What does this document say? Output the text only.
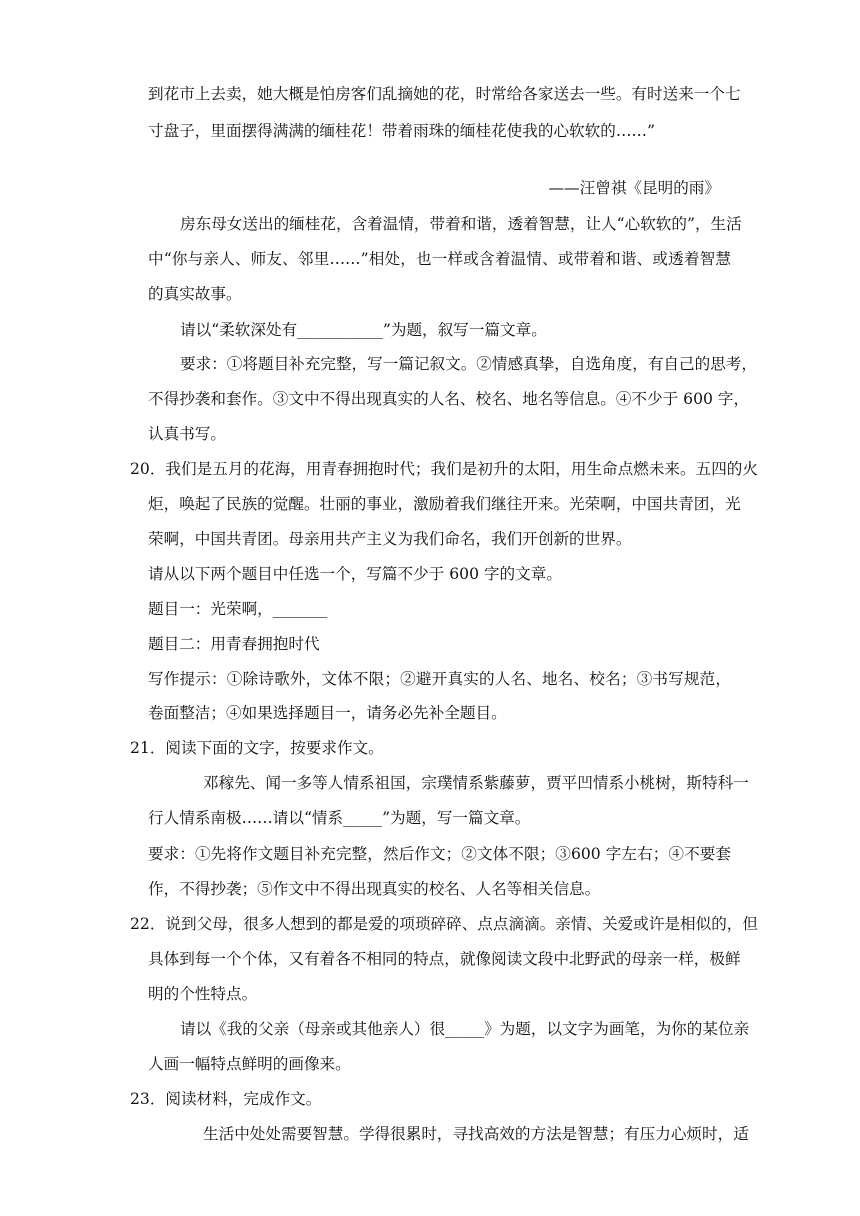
到花市上去卖，她大概是怕房客们乱摘她的花，时常给各家送去一些。有时送来一个七
寸盘子，里面摆得满满的缅桂花！带着雨珠的缅桂花使我的心软软的……”
——汪曾祺《昆明的雨》
房东母女送出的缅桂花，含着温情，带着和谐，透着智慧，让人“心软软的”，生活
中“你与亲人、师友、邻里……”相处，也一样或含着温情、或带着和谐、或透着智慧
的真实故事。
请以“柔软深处有___________”为题，叙写一篇文章。
要求：①将题目补充完整，写一篇记叙文。②情感真挚，自选角度，有自己的思考，
不得抄袭和套作。③文中不得出现真实的人名、校名、地名等信息。④不少于 600 字，
认真书写。
20．我们是五月的花海，用青春拥抱时代；我们是初升的太阳，用生命点燃未来。五四的火
炬，唤起了民族的觉醒。壮丽的事业，激励着我们继往开来。光荣啊，中国共青团，光
荣啊，中国共青团。母亲用共产主义为我们命名，我们开创新的世界。
请从以下两个题目中任选一个，写篇不少于 600 字的文章。
题目一：光荣啊，_______
题目二：用青春拥抱时代
写作提示：①除诗歌外，文体不限；②避开真实的人名、地名、校名；③书写规范，
卷面整洁；④如果选择题目一，请务必先补全题目。
21．阅读下面的文字，按要求作文。
邓稼先、闻一多等人情系祖国，宗璞情系紫藤萝，贾平凹情系小桃树，斯特科一
行人情系南极……请以“情系_____”为题，写一篇文章。
要求：①先将作文题目补充完整，然后作文；②文体不限；③600 字左右；④不要套
作，不得抄袭；⑤作文中不得出现真实的校名、人名等相关信息。
22．说到父母，很多人想到的都是爱的项琐碎碎、点点滴滴。亲情、关爱或许是相似的，但
具体到每一个个体，又有着各不相同的特点，就像阅读文段中北野武的母亲一样，极鲜
明的个性特点。
请以《我的父亲（母亲或其他亲人）很_____》为题，以文字为画笔，为你的某位亲
人画一幅特点鲜明的画像来。
23．阅读材料，完成作文。
生活中处处需要智慧。学得很累时，寻找高效的方法是智慧；有压力心烦时，适
